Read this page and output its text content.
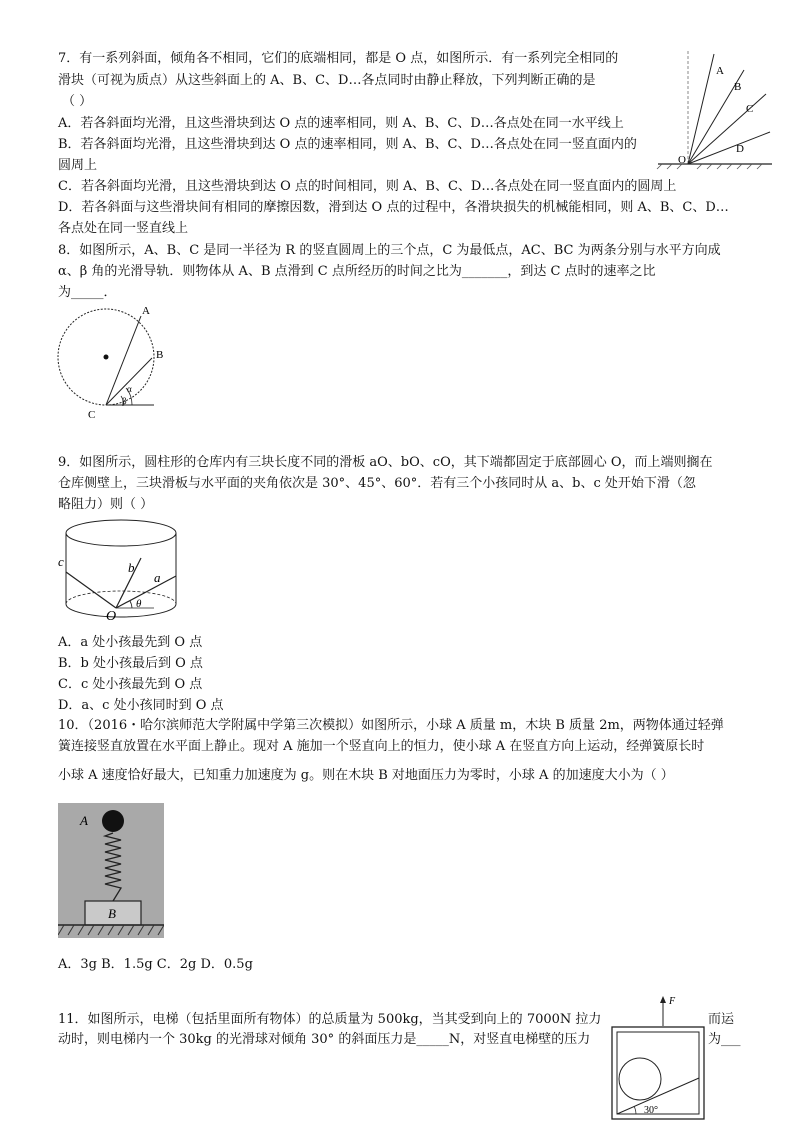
7．有一系列斜面，倾角各不相同，它们的底端相同，都是 O 点，如图所示．有一系列完全相同的
滑块（可视为质点）从这些斜面上的 A、B、C、D…各点同时由静止释放，下列判断正确的是
（ ）
A．若各斜面均光滑，且这些滑块到达 O 点的速率相同，则 A、B、C、D…各点处在同一水平线上
B．若各斜面均光滑，且这些滑块到达 O 点的速率相同，则 A、B、C、D…各点处在同一竖直面内的
圆周上
C．若各斜面均光滑，且这些滑块到达 O 点的时间相同，则 A、B、C、D…各点处在同一竖直面内的圆周上
D．若各斜面与这些滑块间有相同的摩擦因数，滑到达 O 点的过程中，各滑块损失的机械能相同，则 A、B、C、D…
各点处在同一竖直线上
A
B
C
D
O
8．如图所示，A、B、C 是同一半径为 R 的竖直圆周上的三个点，C 为最低点，AC、BC 为两条分别与水平方向成
α、β 角的光滑导轨．则物体从 A、B 点滑到 C 点所经历的时间之比为_______，到达 C 点时的速率之比
为_____．
A
B
C
α
β
9．如图所示，圆柱形的仓库内有三块长度不同的滑板 aO、bO、cO，其下端都固定于底部圆心 O，而上端则搁在
仓库侧壁上，三块滑板与水平面的夹角依次是 30°、45°、60°．若有三个小孩同时从 a、b、c 处开始下滑（忽
略阻力）则（ ）
c	b
a
O
θ
A．a 处小孩最先到 O 点
B．b 处小孩最后到 O 点
C．c 处小孩最先到 O 点
D．a、c 处小孩同时到 O 点
10．（2016・哈尔滨师范大学附属中学第三次模拟）如图所示，小球 A 质量 m，木块 B 质量 2m，两物体通过轻弹
簧连接竖直放置在水平面上静止。现对 A 施加一个竖直向上的恒力，使小球 A 在竖直方向上运动，经弹簧原长时
小球 A 速度恰好最大，已知重力加速度为 g。则在木块 B 对地面压力为零时，小球 A 的加速度大小为（ ）
A
B
A．3g B．1.5g C．2g D．0.5g
11．如图所示，电梯（包括里面所有物体）的总质量为 500kg，当其受到向上的 7000N 拉力	而运
动时，则电梯内一个 30kg 的光滑球对倾角 30° 的斜面压力是_____N，对竖直电梯壁的压力	为___
F
30°
